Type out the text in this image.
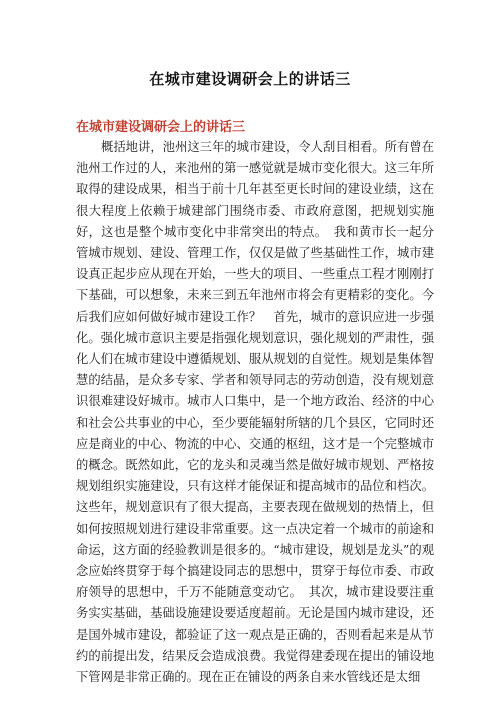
在城市建设调研会上的讲话三
在城市建设调研会上的讲话三

概括地讲，池州这三年的城市建设，令人刮目相看。所有曾在池州工作过的人，来池州的第一感觉就是城市变化很大。这三年所取得的建设成果，相当于前十几年甚至更长时间的建设业绩，这在很大程度上依赖于城建部门围绕市委、市政府意图，把规划实施好，这也是整个城市变化中非常突出的特点。　我和黄市长一起分管城市规划、建设、管理工作，仅仅是做了些基础性工作，城市建设真正起步应从现在开始，一些大的项目、一些重点工程才刚刚打下基础，可以想象，未来三到五年池州市将会有更精彩的变化。今后我们应如何做好城市建设工作？　首先，城市的意识应进一步强化。强化城市意识主要是指强化规划意识，强化规划的严肃性，强化人们在城市建设中遵循规划、服从规划的自觉性。规划是集体智慧的结晶，是众多专家、学者和领导同志的劳动创造，没有规划意识很难建设好城市。城市人口集中，是一个地方政治、经济的中心和社会公共事业的中心，至少要能辐射所辖的几个县区，它同时还应是商业的中心、物流的中心、交通的枢纽，这才是一个完整城市的概念。既然如此，它的龙头和灵魂当然是做好城市规划、严格按规划组织实施建设，只有这样才能保证和提高城市的品位和档次。这些年，规划意识有了很大提高，主要表现在做规划的热情上，但如何按照规划进行建设非常重要。这一点决定着一个城市的前途和命运，这方面的经验教训是很多的。“城市建设，规划是龙头”的观念应始终贯穿于每个搞建设同志的思想中，贯穿于每位市委、市政府领导的思想中，千万不能随意变动它。　其次，城市建设要注重务实实基础，基础设施建设要适度超前。无论是国内城市建设，还是国外城市建设，都验证了这一观点是正确的，否则看起来是从节约的前提出发，结果反会造成浪费。我觉得建委现在提出的铺设地下管网是非常正确的。现在正在铺设的两条自来水管线还是太细
